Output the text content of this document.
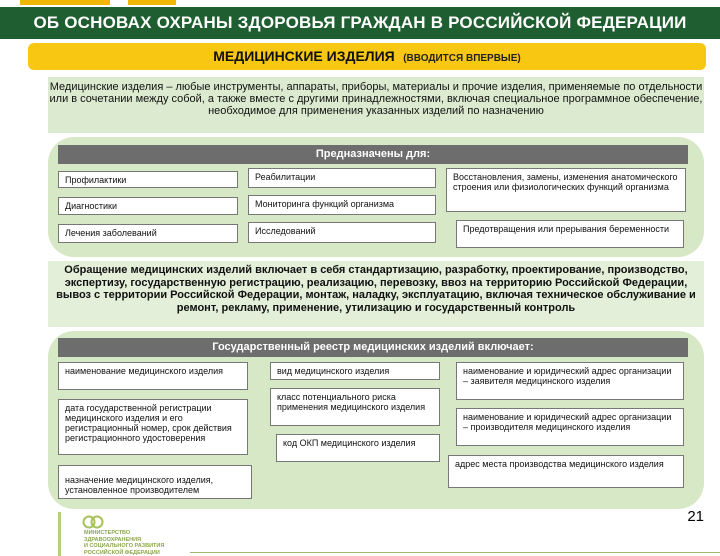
ОБ ОСНОВАХ ОХРАНЫ ЗДОРОВЬЯ ГРАЖДАН В РОССИЙСКОЙ ФЕДЕРАЦИИ
МЕДИЦИНСКИЕ ИЗДЕЛИЯ (ВВОДИТСЯ ВПЕРВЫЕ)
Медицинские изделия – любые инструменты, аппараты, приборы, материалы и прочие изделия, применяемые по отдельности или в сочетании между собой, а также вместе с другими принадлежностями, включая специальное программное обеспечение, необходимое для применения указанных изделий по назначению
Предназначены для:
Профилактики	Реабилитации	Восстановления, замены, изменения анатомического строения или физиологических функций организма
Диагностики	Мониторинга функций организма
Лечения заболеваний	Исследований	Предотвращения или прерывания беременности
Обращение медицинских изделий включает в себя стандартизацию, разработку, проектирование, производство, экспертизу, государственную регистрацию, реализацию, перевозку, ввоз на территорию Российской Федерации, вывоз с территории Российской Федерации, монтаж, наладку, эксплуатацию, включая техническое обслуживание и ремонт, рекламу, применение, утилизацию и государственный контроль
Государственный реестр медицинских изделий включает:
наименование медицинского изделия	вид медицинского изделия	наименование и юридический адрес организации – заявителя медицинского изделия
дата государственной регистрации медицинского изделия и его регистрационный номер, срок действия регистрационного удостоверения
класс потенциального риска применения медицинского изделия
наименование и юридический адрес организации – производителя медицинского изделия
код ОКП медицинского изделия
назначение медицинского изделия, установленное производителем
адрес места производства медицинского изделия
МИНИСТЕРСТВО
ЗДРАВООХРАНЕНИЯ
И СОЦИАЛЬНОГО РАЗВИТИЯ
РОССИЙСКОЙ ФЕДЕРАЦИИ
21
